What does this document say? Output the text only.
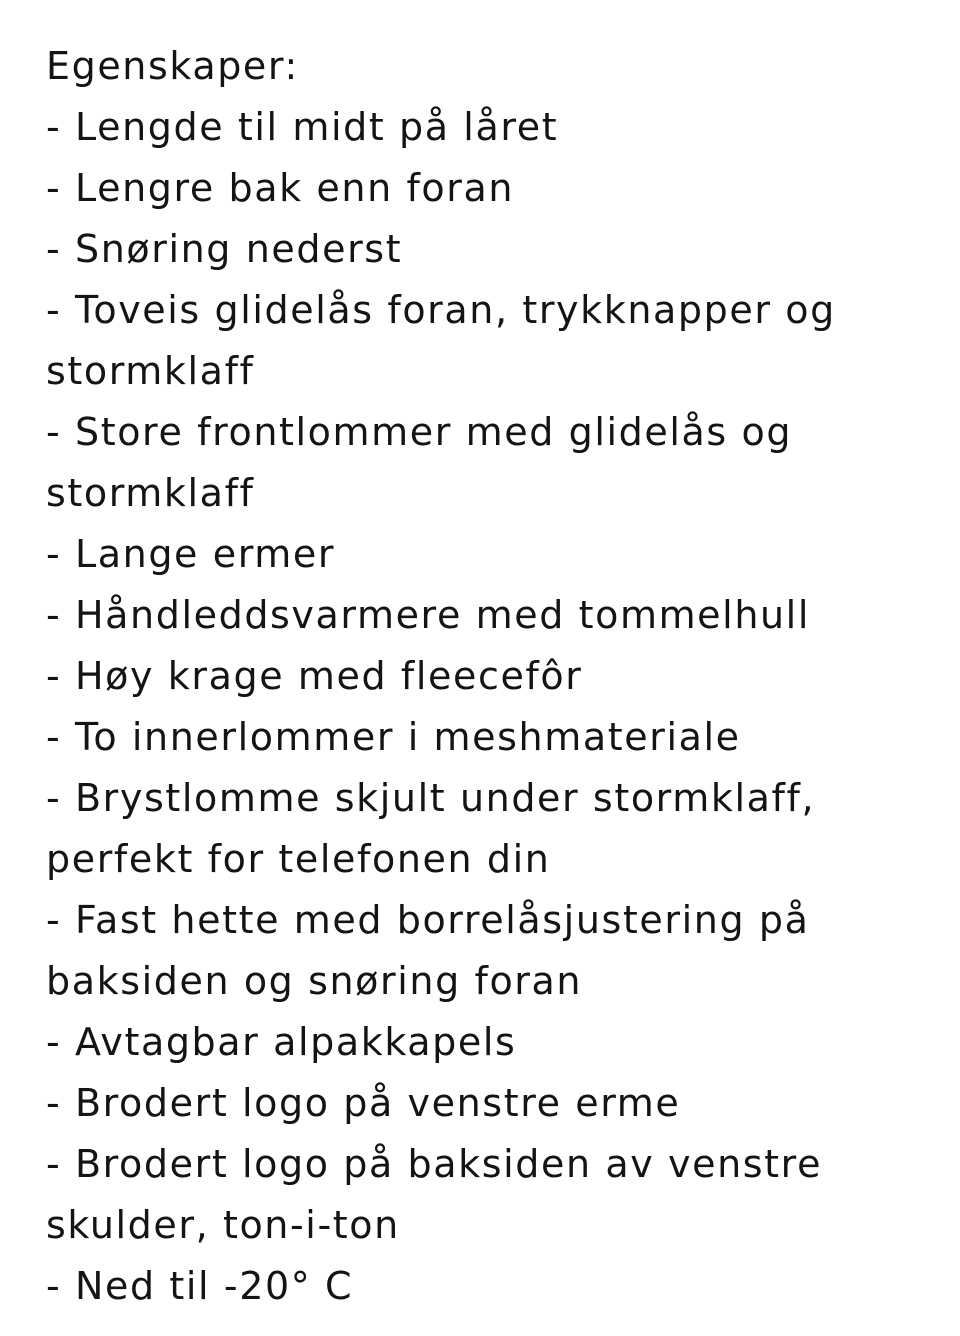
Egenskaper:
- Lengde til midt på låret
- Lengre bak enn foran
- Snøring nederst
- Toveis glidelås foran, trykknapper og
stormklaff
- Store frontlommer med glidelås og
stormklaff
- Lange ermer
- Håndleddsvarmere med tommelhull
- Høy krage med fleecefôr
- To innerlommer i meshmateriale
- Brystlomme skjult under stormklaff,
perfekt for telefonen din
- Fast hette med borrelåsjustering på
baksiden og snøring foran
- Avtagbar alpakkapels
- Brodert logo på venstre erme
- Brodert logo på baksiden av venstre
skulder, ton-i-ton
- Ned til -20° C
